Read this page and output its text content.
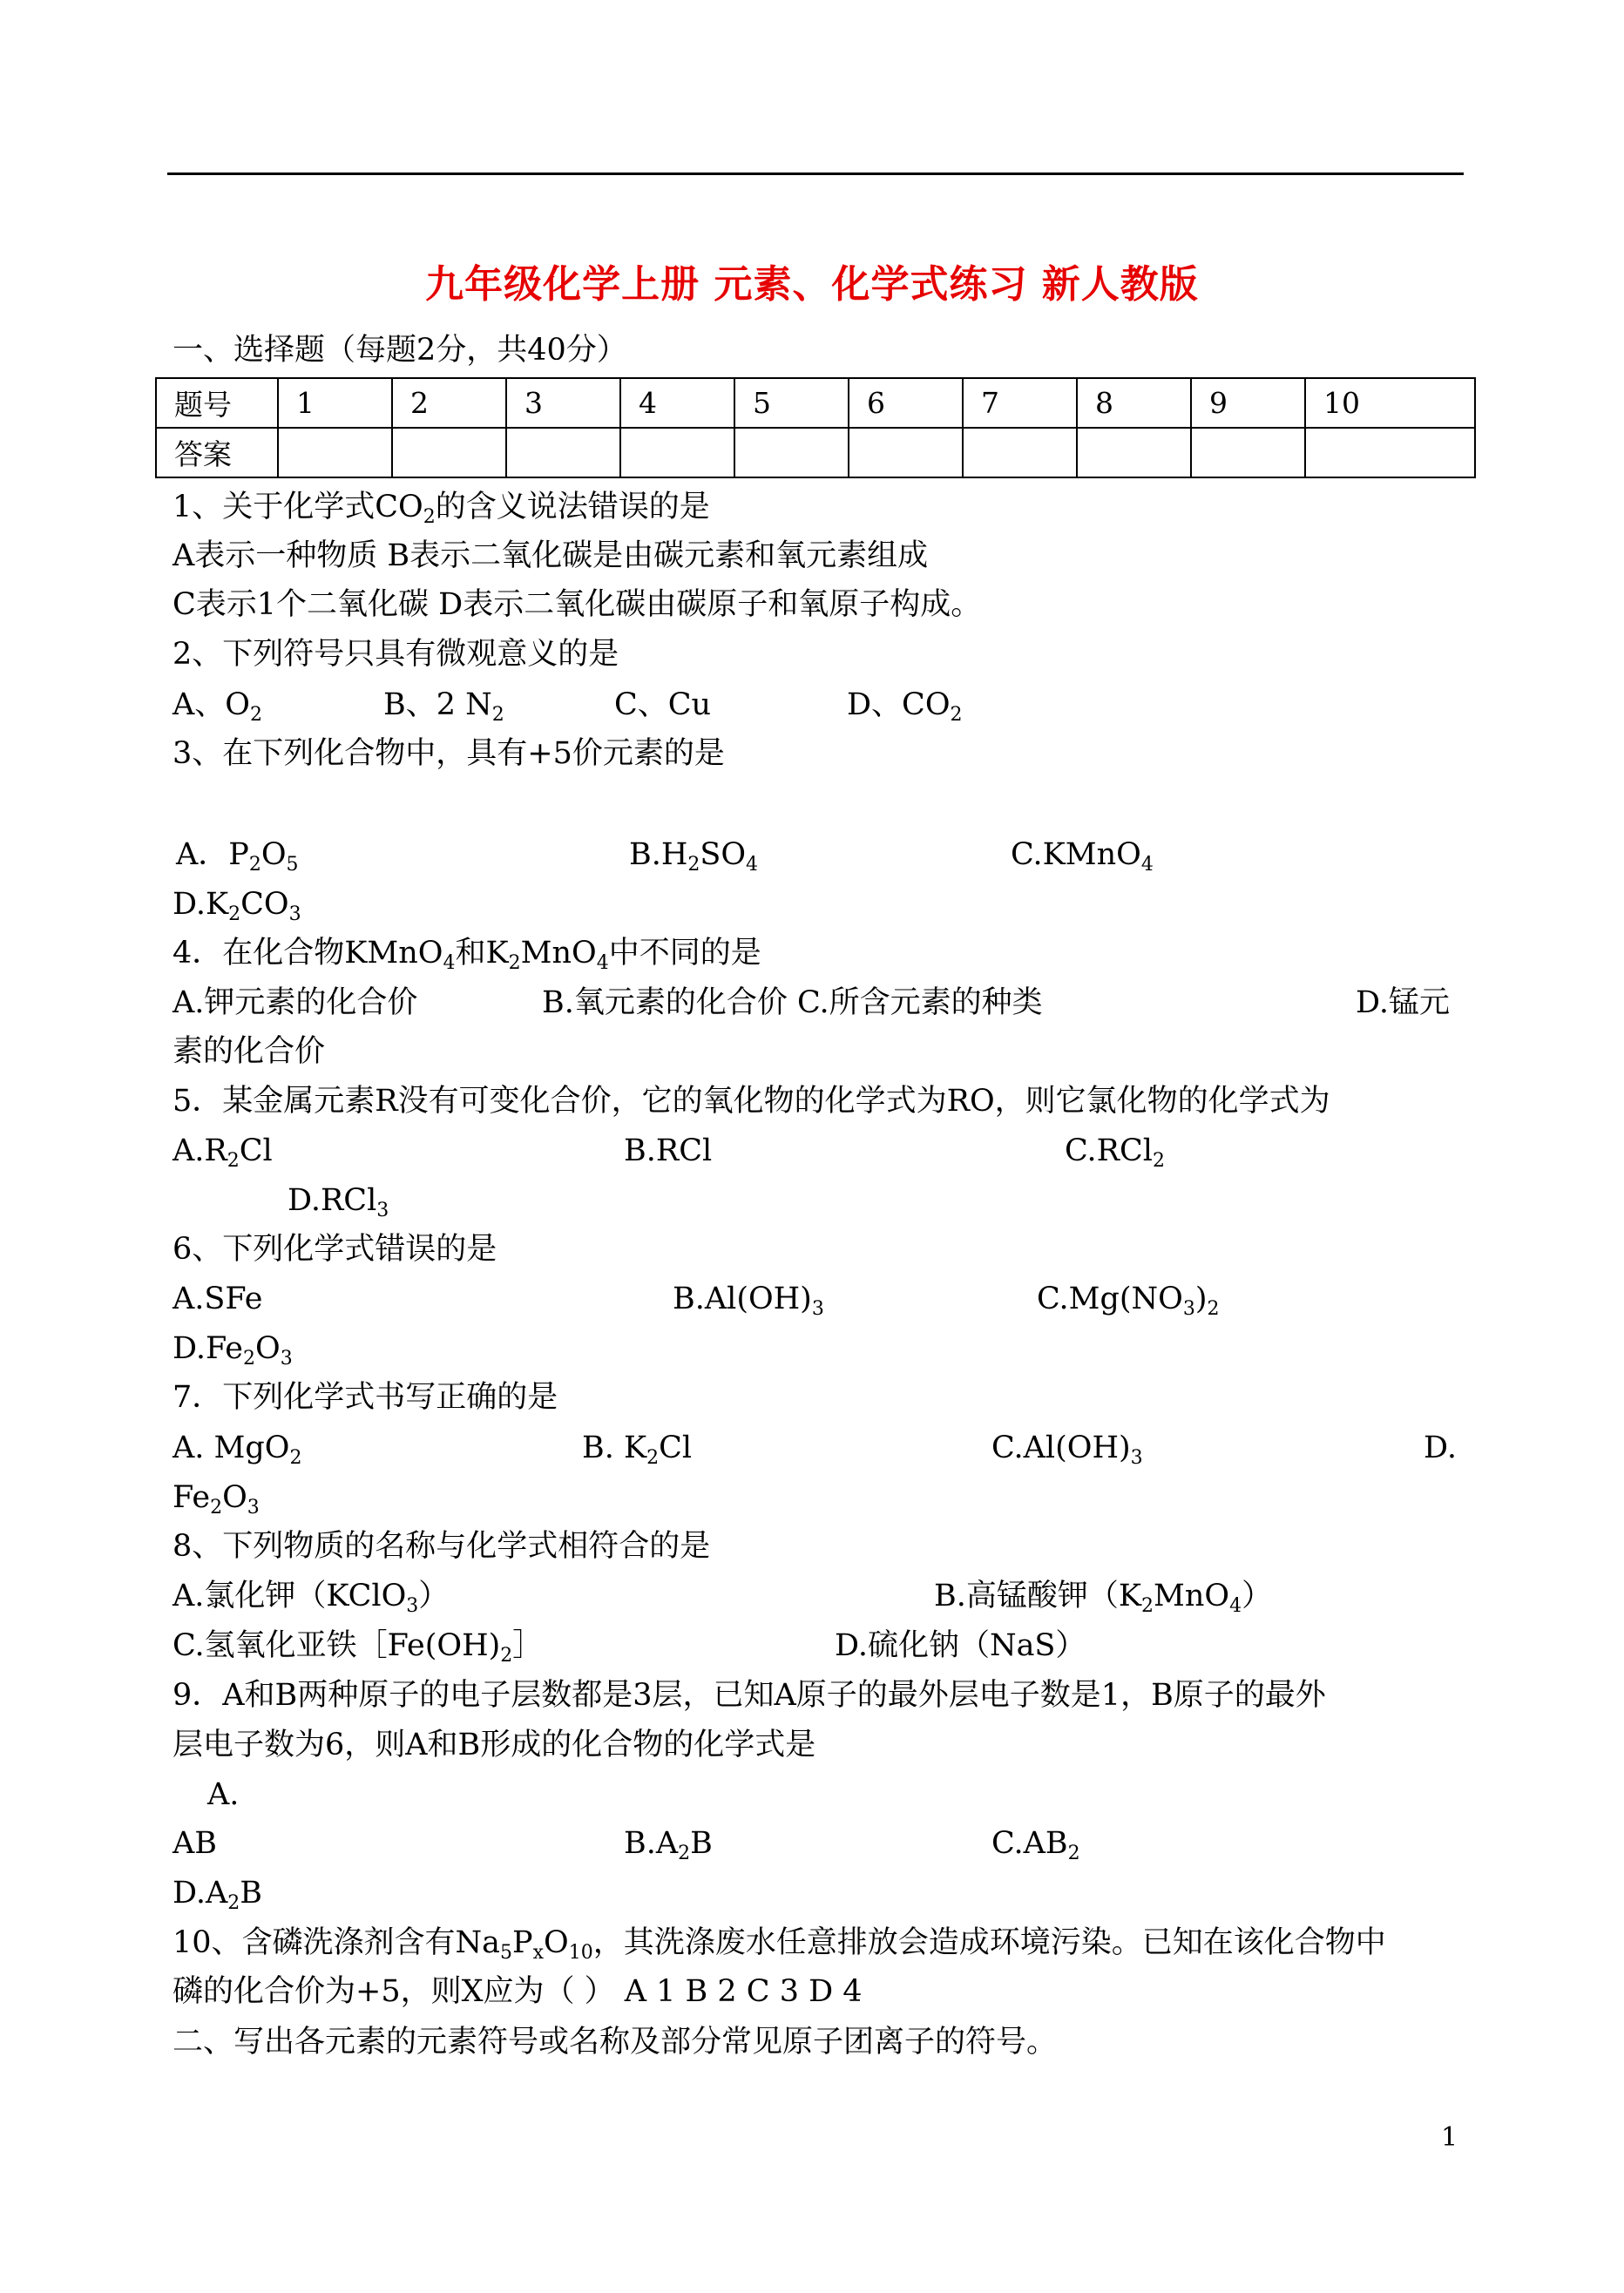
九年级化学上册 元素、化学式练习 新人教版
一、选择题（每题2分，共40分）
题号	1	2	3	4	5	6	7	8	9	10
答案										
1、关于化学式$CO_2$的含义说法错误的是
A表示一种物质 B表示二氧化碳是由碳元素和氧元素组成
C表示1个二氧化碳 D表示二氧化碳由碳原子和氧原子构成。
2、下列符号只具有微观意义的是
A、$O_2$	B、2 $N_2$	C、Cu	D、$CO_2$
3、在下列化合物中，具有+5价元素的是
A．$P_2O_5$	$B.H_2SO_4$	C.KMnO$_4$
$D.K_2CO_3$
4．在化合物KMnO$_4$和$K_2MnO_4$中不同的是
A.钾元素的化合价	B.氧元素的化合价 C.所含元素的种类	D.锰元
素的化合价
5．某金属元素R没有可变化合价，它的氧化物的化学式为RO，则它氯化物的化学式为
$A.R_2Cl$	B.RCl	C.RCl$_2$
D.RCl$_3$
6、下列化学式错误的是
A.SFe	$B.Al(OH)_3$	$C.Mg(NO_3)_2$
$D.Fe_2O_3$
7．下列化学式书写正确的是
A. MgO$_2$	B. $K_2Cl$	$C.Al(OH)_3$	D.
$Fe_2O_3$
8、下列物质的名称与化学式相符合的是
A.氯化钾（KClO$_3$）	B.高锰酸钾$(K_2MnO_4)$
C.氢氧化亚铁$[Fe(OH)_2]$	D.硫化钠（NaS）
9．A和B两种原子的电子层数都是3层，已知A原子的最外层电子数是1，B原子的最外
层电子数为6，则A和B形成的化合物的化学式是
A.
AB	$B.A_2B$	$C.AB_2$
$D.A_2B$
10、含磷洗涤剂含有$Na_5P_xO_{10}$，其洗涤废水任意排放会造成环境污染。已知在该化合物中
磷的化合价为+5，则X应为（ ） A 1 B 2 C 3 D 4
二、写出各元素的元素符号或名称及部分常见原子团离子的符号。
1
